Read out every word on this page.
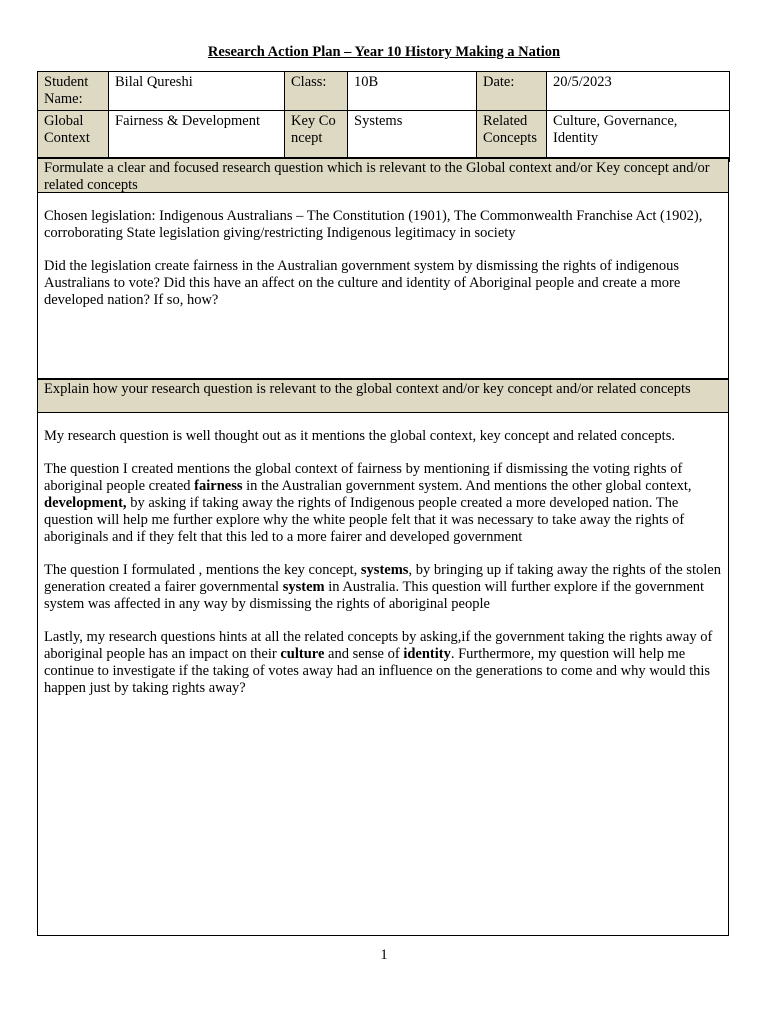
Research Action Plan – Year 10 History Making a Nation
Student Name:	Bilal Qureshi	Class:	10B	Date:	20/5/2023
Global Context	Fairness & Development	Key Concept	Systems	Related Concepts	Culture, Governance, Identity
Formulate a clear and focused research question which is relevant to the Global context and/or Key concept and/or related concepts

Chosen legislation: Indigenous Australians – The Constitution (1901), The Commonwealth Franchise Act (1902), corroborating State legislation giving/restricting Indigenous legitimacy in society

Did the legislation create fairness in the Australian government system by dismissing the rights of indigenous Australians to vote? Did this have an affect on the culture and identity of Aboriginal people and create a more developed nation? If so, how?

Explain how your research question is relevant to the global context and/or key concept and/or related concepts

My research question is well thought out as it mentions the global context, key concept and related concepts.

The question I created mentions the global context of fairness by mentioning if dismissing the voting rights of aboriginal people created fairness in the Australian government system. And mentions the other global context, development, by asking if taking away the rights of Indigenous people created a more developed nation. The question will help me further explore why the white people felt that it was necessary to take away the rights of aboriginals and if they felt that this led to a more fairer and developed government

The question I formulated , mentions the key concept, systems, by bringing up if taking away the rights of the stolen generation created a fairer governmental system in Australia. This question will further explore if the government system was affected in any way by dismissing the rights of aboriginal people

Lastly, my research questions hints at all the related concepts by asking,if the government taking the rights away of aboriginal people has an impact on their culture and sense of identity. Furthermore, my question will help me continue to investigate if the taking of votes away had an influence on the generations to come and why would this happen just by taking rights away?

1
